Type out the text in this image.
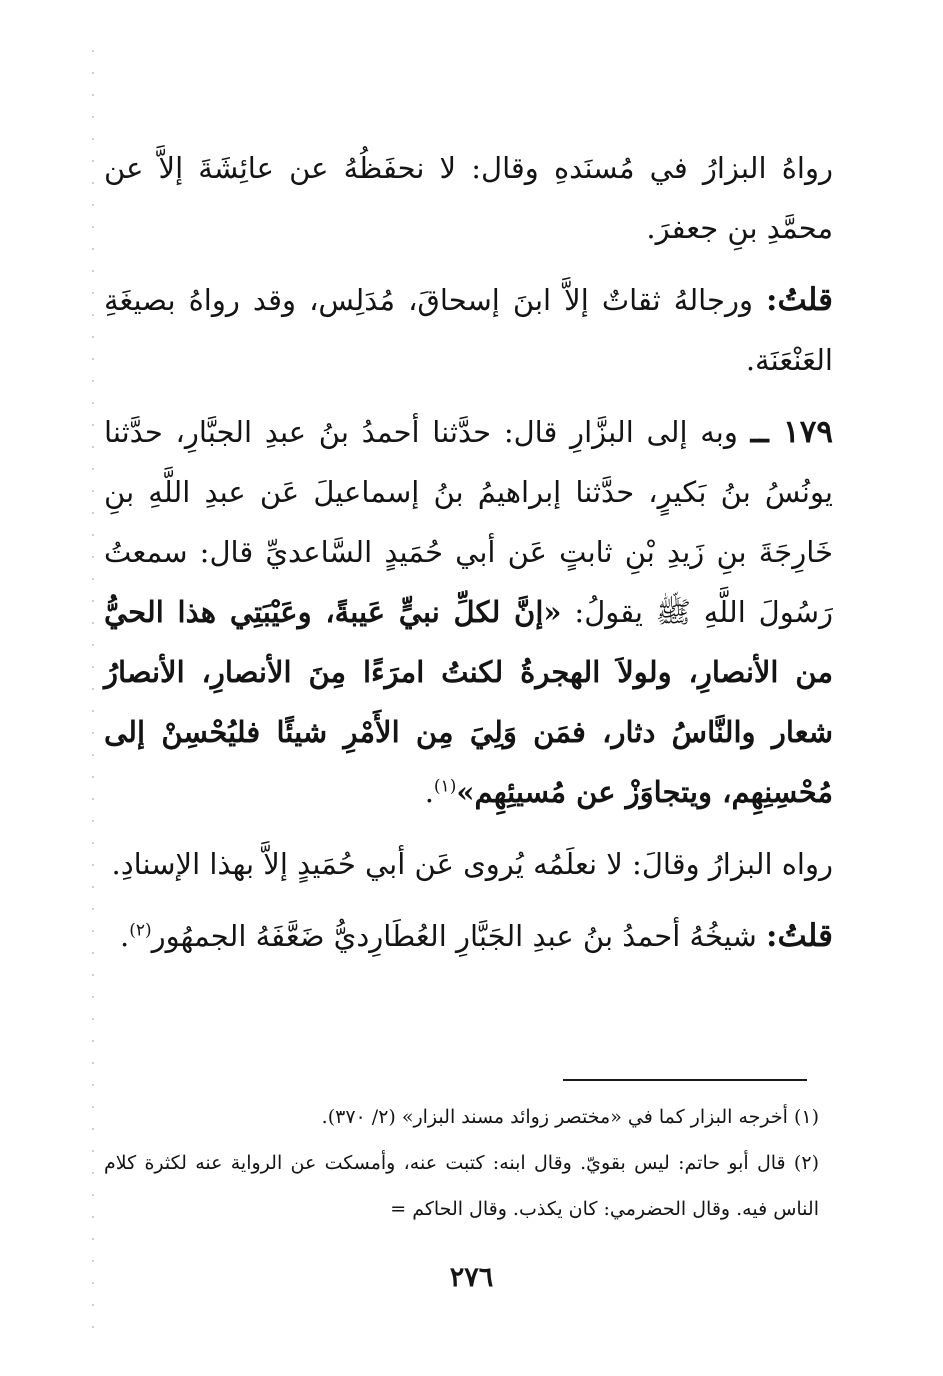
رواهُ البزارُ في مُسنَدهِ وقال: لا نحفَظُهُ عن عائِشَةَ إلاَّ عن محمَّدِ بنِ جعفرَ.

قلتُ: ورجالهُ ثقاتٌ إلاَّ ابنَ إسحاقَ، مُدَلِس، وقد رواهُ بصيغَةِ العَنْعَنَة.

١٧٩ ــ وبه إلى البزَّارِ قال: حدَّثنا أحمدُ بنُ عبدِ الجبَّارِ، حدَّثنا يونُسُ بنُ بَكيرٍ، حدَّثنا إبراهيمُ بنُ إسماعيلَ عَن عبدِ اللَّهِ بنِ خَارِجَةَ بنِ زَيدِ بْنِ ثابتٍ عَن أبي حُمَيدٍ السَّاعديِّ قال: سمعتُ رَسُولَ اللَّهِ ﷺ يقولُ: «إنَّ لكلِّ نبيٍّ عَيبةً، وعَيْبَتِي هذا الحيُّ من الأنصارِ، ولولاَ الهجرةُ لكنتُ امرَءًا مِنَ الأنصارِ، الأنصارُ شعار والنَّاسُ دثار، فمَن وَلِيَ مِن الأَمْرِ شيئًا فليُحْسِنْ إلى مُحْسِنِهِم، ويتجاوَزْ عن مُسيئِهِم»$^{(١)}$.

رواه البزارُ وقالَ: لا نعلَمُه يُروى عَن أبي حُمَيدٍ إلاَّ بهذا الإسنادِ.

قلتُ: شيخُهُ أحمدُ بنُ عبدِ الجَبَّارِ العُطَارِديُّ ضَعَّفَهُ الجمهُور$^{(٢)}$.

(١) أخرجه البزار كما في «مختصر زوائد مسند البزار» (٢/ ٣٧٠).

(٢) قال أبو حاتم: ليس بقويّ. وقال ابنه: كتبت عنه، وأمسكت عن الرواية عنه لكثرة كلام الناس فيه. وقال الحضرمي: كان يكذب. وقال الحاكم =

٢٧٦
